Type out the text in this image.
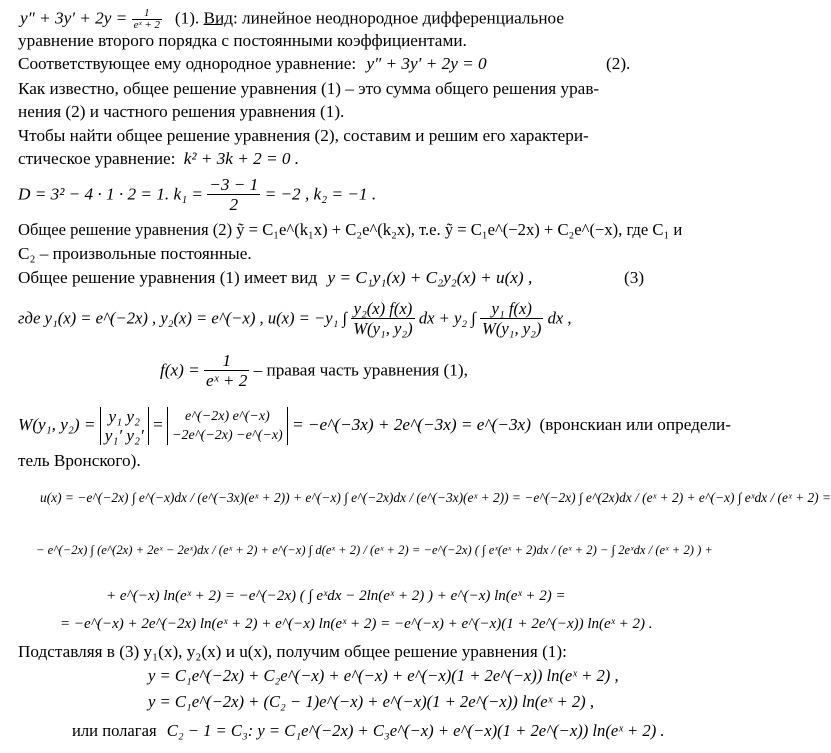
$y'' + 3y' + 2y = \frac{1}{\text{eˣ + 2}} (1)$. Вид: линейное неоднородное дифференциальное
уравнение второго порядка с постоянными коэффициентами.
Соответствующее ему однородное уравнение: y″ + 3y′ + 2y = 0	(2).
Как известно, общее решение уравнения (1) – это сумма общего решения урав-
нения (2) и частного решения уравнения (1).
Чтобы найти общее решение уравнения (2), составим и решим его характери-
стическое уравнение: k² + 3k + 2 = 0 .
D = 3² − 4 · 1 · 2 = 1. $k_1 = \frac{-3 - 1}{2} = -2$ , k₂ = −1 .
Общее решение уравнения (2) ỹ = C₁e^(k₁x) + C₂e^(k₂x), т.е. ỹ = C₁e^(−2x) + C₂e^(−x), где C₁ и
C₂ – произвольные постоянные.
Общее решение уравнения (1) имеет вид y = C₁y₁(x) + C₂y₂(x) + u(x) ,	(3)
где y₁(x) = e^(−2x) , y₂(x) = e^(−x) , u(x) = −y₁ ∫ $\frac{\text{y₂(x) f(x)}}{\text{W(y₁, y₂)}}$ dx + y₂ ∫ $\frac{\text{y₁ f(x)}}{\text{W(y₁, y₂)}}$ dx ,
$f(x) = \frac{1}{\text{eˣ + 2}}$ – правая часть уравнения (1),
W(y₁, y₂) = y₁ y₂
y₁′ y₂′
=	e^(−2x) e^(−x)
−2e^(−2x) −e^(−x)
= −e^(−3x) + 2e^(−3x) = e^(−3x) (вронскиан или определи-
тель Вронского).
u(x) = −e^(−2x) ∫ e^(−x)dx / (e^(−3x)(eˣ + 2)) + e^(−x) ∫ e^(−2x)dx / (e^(−3x)(eˣ + 2)) = −e^(−2x) ∫ e^(2x)dx / (eˣ + 2) + e^(−x) ∫ eˣdx / (eˣ + 2) =
− e^(−2x) ∫ (e^(2x) + 2eˣ − 2eˣ)dx / (eˣ + 2) + e^(−x) ∫ d(eˣ + 2) / (eˣ + 2) = −e^(−2x) ( ∫ eˣ(eˣ + 2)dx / (eˣ + 2) − ∫ 2eˣdx / (eˣ + 2) ) +
+ e^(−x) ln(eˣ + 2) = −e^(−2x) ( ∫ eˣdx − 2ln(eˣ + 2) ) + e^(−x) ln(eˣ + 2) =
= −e^(−x) + 2e^(−2x) ln(eˣ + 2) + e^(−x) ln(eˣ + 2) = −e^(−x) + e^(−x)(1 + 2e^(−x)) ln(eˣ + 2) .
Подставляя в (3) y₁(x), y₂(x) и u(x), получим общее решение уравнения (1):
y = C₁e^(−2x) + C₂e^(−x) + e^(−x) + e^(−x)(1 + 2e^(−x)) ln(eˣ + 2) ,
y = C₁e^(−2x) + (C₂ − 1)e^(−x) + e^(−x)(1 + 2e^(−x)) ln(eˣ + 2) ,
или полагая C₂ − 1 = C₃: y = C₁e^(−2x) + C₃e^(−x) + e^(−x)(1 + 2e^(−x)) ln(eˣ + 2) .
